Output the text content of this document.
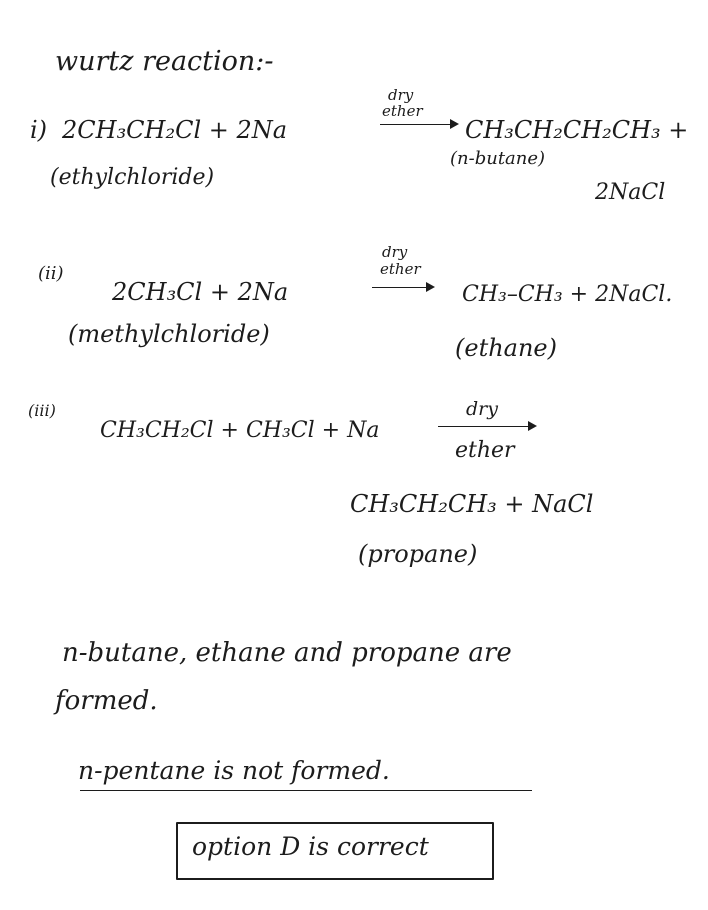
wurtz reaction:-
i) 2CH₃CH₂Cl + 2Na
dry
ether
CH₃CH₂CH₂CH₃ +
(ethylchloride)
(n-butane)
2NaCl
(ii)
2CH₃Cl + 2Na
dry
ether
CH₃–CH₃ + 2NaCl.
(methylchloride)	(ethane)
(iii)
CH₃CH₂Cl + CH₃Cl + Na
dry
ether
CH₃CH₂CH₃ + NaCl
(propane)
n-butane, ethane and propane are
formed.
n-pentane is not formed.
option D is correct
